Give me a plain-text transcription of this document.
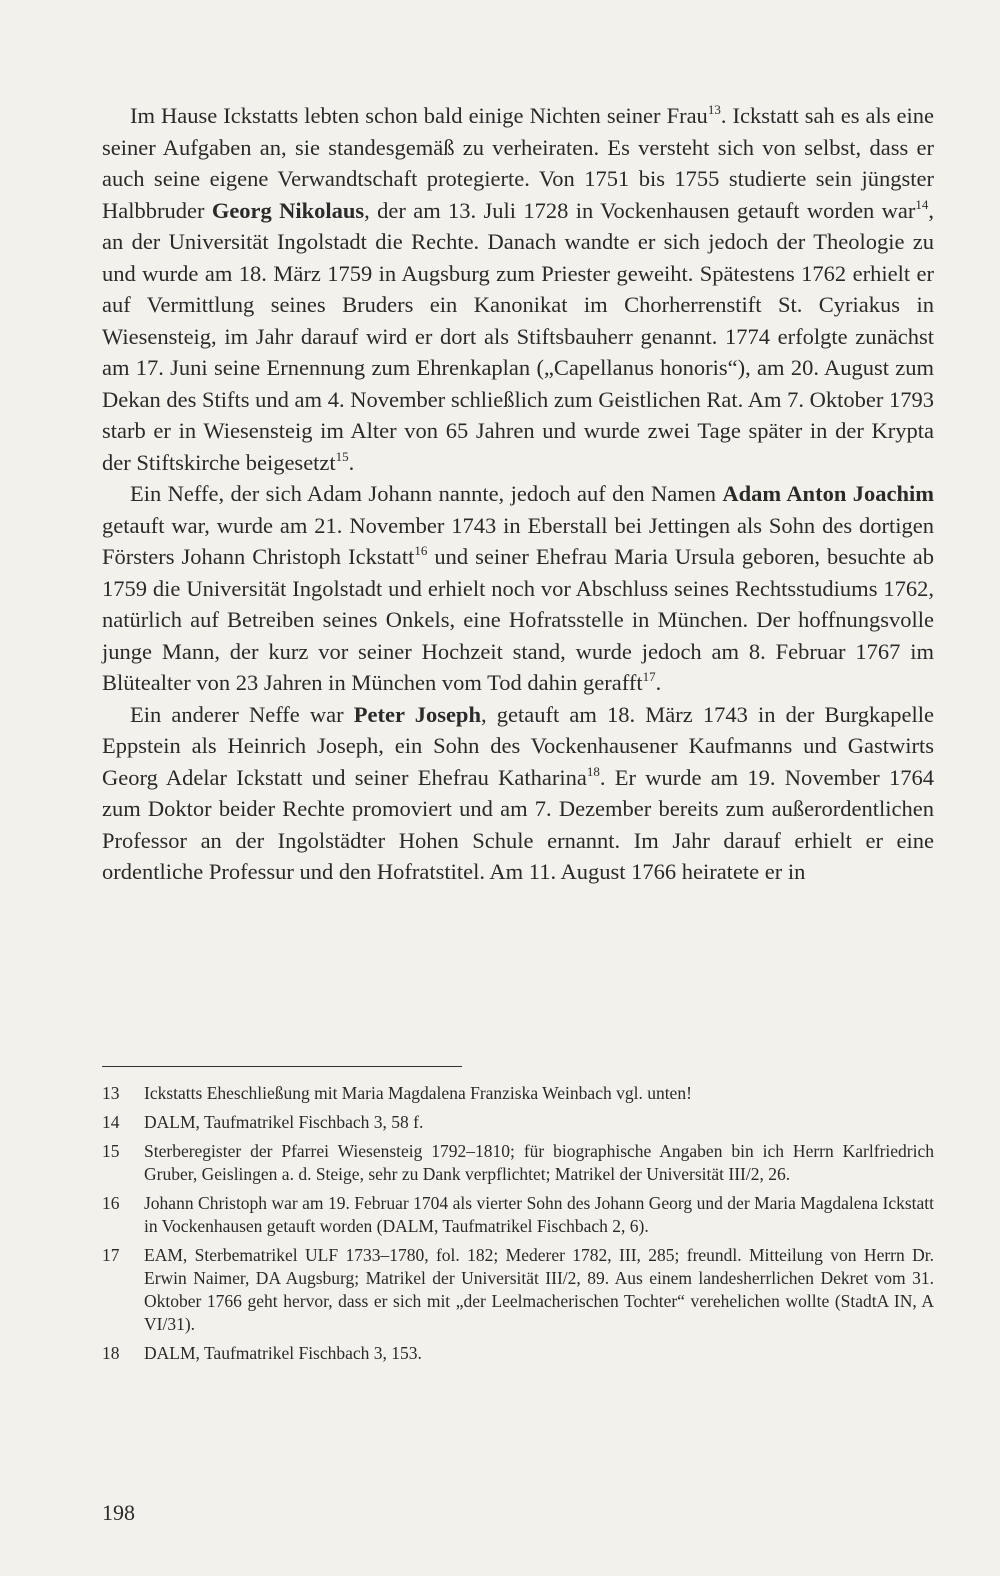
Im Hause Ickstatts lebten schon bald einige Nichten seiner Frau$^{13}$. Ickstatt sah es als eine seiner Aufgaben an, sie standesgemäß zu verheiraten. Es versteht sich von selbst, dass er auch seine eigene Verwandtschaft protegierte. Von 1751 bis 1755 studierte sein jüngster Halbbruder Georg Nikolaus, der am 13. Juli 1728 in Vockenhausen getauft worden war$^{14}$, an der Universität Ingolstadt die Rechte. Danach wandte er sich jedoch der Theologie zu und wurde am 18. März 1759 in Augsburg zum Priester geweiht. Spätestens 1762 erhielt er auf Vermittlung seines Bruders ein Kanonikat im Chorherrenstift St. Cyriakus in Wiesensteig, im Jahr darauf wird er dort als Stiftsbauherr genannt. 1774 erfolgte zunächst am 17. Juni seine Ernennung zum Ehrenkaplan („Capellanus honoris“), am 20. August zum Dekan des Stifts und am 4. November schließlich zum Geistlichen Rat. Am 7. Oktober 1793 starb er in Wiesensteig im Alter von 65 Jahren und wurde zwei Tage später in der Krypta der Stiftskirche beigesetzt$^{15}$.

Ein Neffe, der sich Adam Johann nannte, jedoch auf den Namen Adam Anton Joachim getauft war, wurde am 21. November 1743 in Eberstall bei Jettingen als Sohn des dortigen Försters Johann Christoph Ickstatt$^{16}$ und seiner Ehefrau Maria Ursula geboren, besuchte ab 1759 die Universität Ingolstadt und erhielt noch vor Abschluss seines Rechtsstudiums 1762, natürlich auf Betreiben seines Onkels, eine Hofratsstelle in München. Der hoffnungsvolle junge Mann, der kurz vor seiner Hochzeit stand, wurde jedoch am 8. Februar 1767 im Blütealter von 23 Jahren in München vom Tod dahin gerafft$^{17}$.

Ein anderer Neffe war Peter Joseph, getauft am 18. März 1743 in der Burgkapelle Eppstein als Heinrich Joseph, ein Sohn des Vockenhausener Kaufmanns und Gastwirts Georg Adelar Ickstatt und seiner Ehefrau Katharina$^{18}$. Er wurde am 19. November 1764 zum Doktor beider Rechte promoviert und am 7. Dezember bereits zum außerordentlichen Professor an der Ingolstädter Hohen Schule ernannt. Im Jahr darauf erhielt er eine ordentliche Professur und den Hofratstitel. Am 11. August 1766 heiratete er in

13	Ickstatts Eheschließung mit Maria Magdalena Franziska Weinbach vgl. unten!
14	DALM, Taufmatrikel Fischbach 3, 58 f.
15	Sterberegister der Pfarrei Wiesensteig 1792–1810; für biographische Angaben bin ich Herrn Karlfriedrich Gruber, Geislingen a. d. Steige, sehr zu Dank verpflichtet; Matrikel der Universität III/2, 26.
16	Johann Christoph war am 19. Februar 1704 als vierter Sohn des Johann Georg und der Maria Magdalena Ickstatt in Vockenhausen getauft worden (DALM, Taufmatrikel Fischbach 2, 6).
17	EAM, Sterbematrikel ULF 1733–1780, fol. 182; Mederer 1782, III, 285; freundl. Mitteilung von Herrn Dr. Erwin Naimer, DA Augsburg; Matrikel der Universität III/2, 89. Aus einem landesherrlichen Dekret vom 31. Oktober 1766 geht hervor, dass er sich mit „der Leelmacherischen Tochter“ verehelichen wollte (StadtA IN, A VI/31).
18	DALM, Taufmatrikel Fischbach 3, 153.
198
